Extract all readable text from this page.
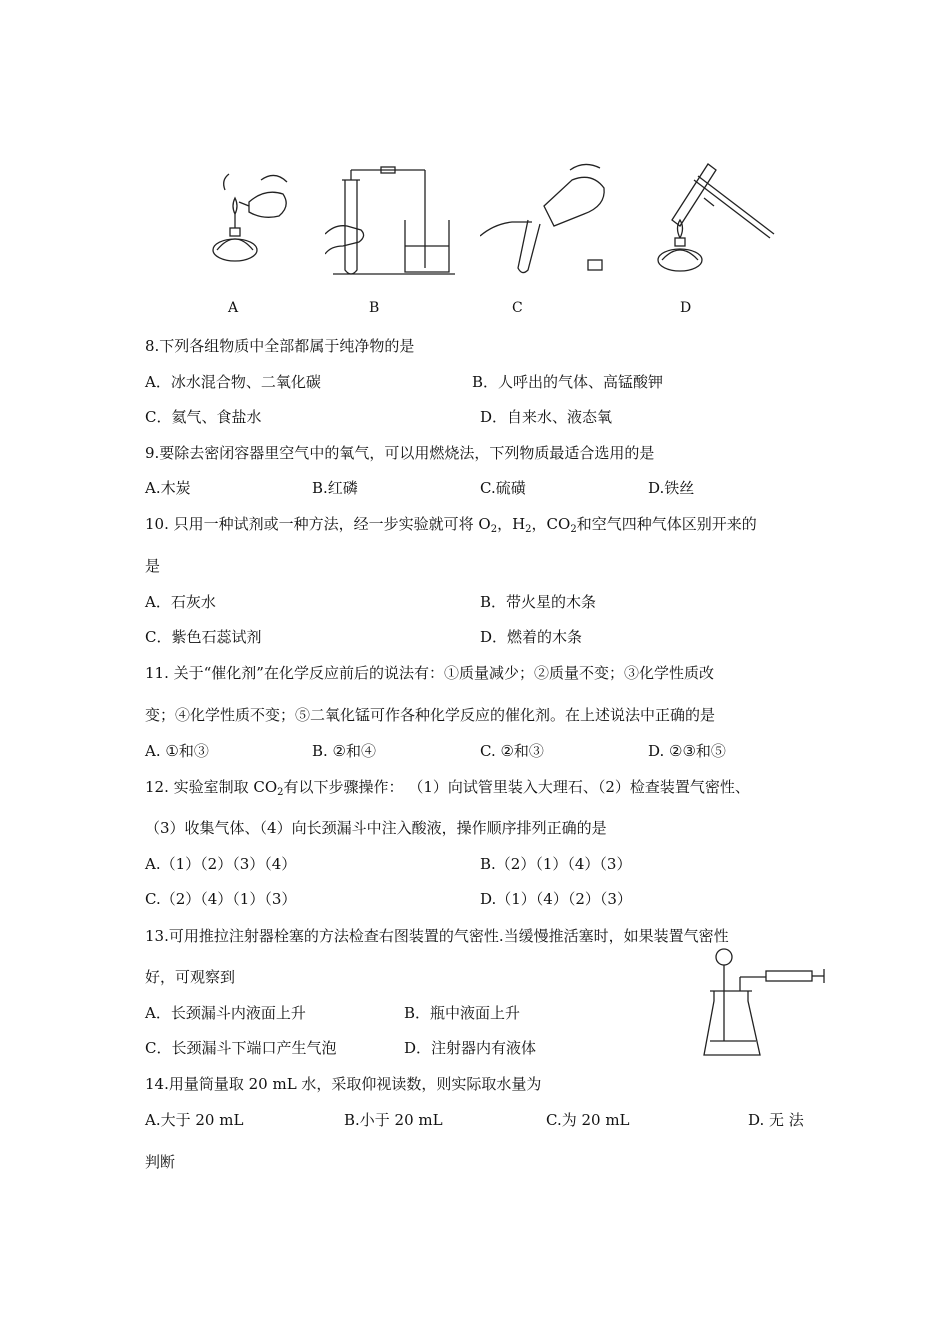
A	B	C	D
8.下列各组物质中全部都属于纯净物的是
A．冰水混合物、二氧化碳	B．人呼出的气体、高锰酸钾
C．氦气、食盐水	D．自来水、液态氧
9.要除去密闭容器里空气中的氧气，可以用燃烧法，下列物质最适合选用的是
A.木炭	B.红磷	C.硫磺	D.铁丝
10. 只用一种试剂或一种方法，经一步实验就可将 $O_2$，$H_2$，$CO_2$和空气四种气体区别开来的
是
A．石灰水	B．带火星的木条
C．紫色石蕊试剂	D．燃着的木条
11. 关于“催化剂”在化学反应前后的说法有：①质量减少；②质量不变；③化学性质改
变；④化学性质不变；⑤二氧化锰可作各种化学反应的催化剂。在上述说法中正确的是
A. ①和③	B. ②和④	C. ②和③	D. ②③和⑤
12. 实验室制取 $CO_2$有以下步骤操作： （1）向试管里装入大理石、（2）检查装置气密性、
（3）收集气体、（4）向长颈漏斗中注入酸液，操作顺序排列正确的是
A.（1）（2）（3）（4）	B.（2）（1）（4）（3）
C.（2）（4）（1）（3）	D.（1）（4）（2）（3）
13.可用推拉注射器栓塞的方法检查右图装置的气密性.当缓慢推活塞时，如果装置气密性
好，可观察到
A．长颈漏斗内液面上升	B．瓶中液面上升
C．长颈漏斗下端口产生气泡	D．注射器内有液体
14.用量筒量取 20 mL 水，采取仰视读数，则实际取水量为
A.大于 20 mL	B.小于 20 mL	C.为 20 mL	D. 无 法
判断
